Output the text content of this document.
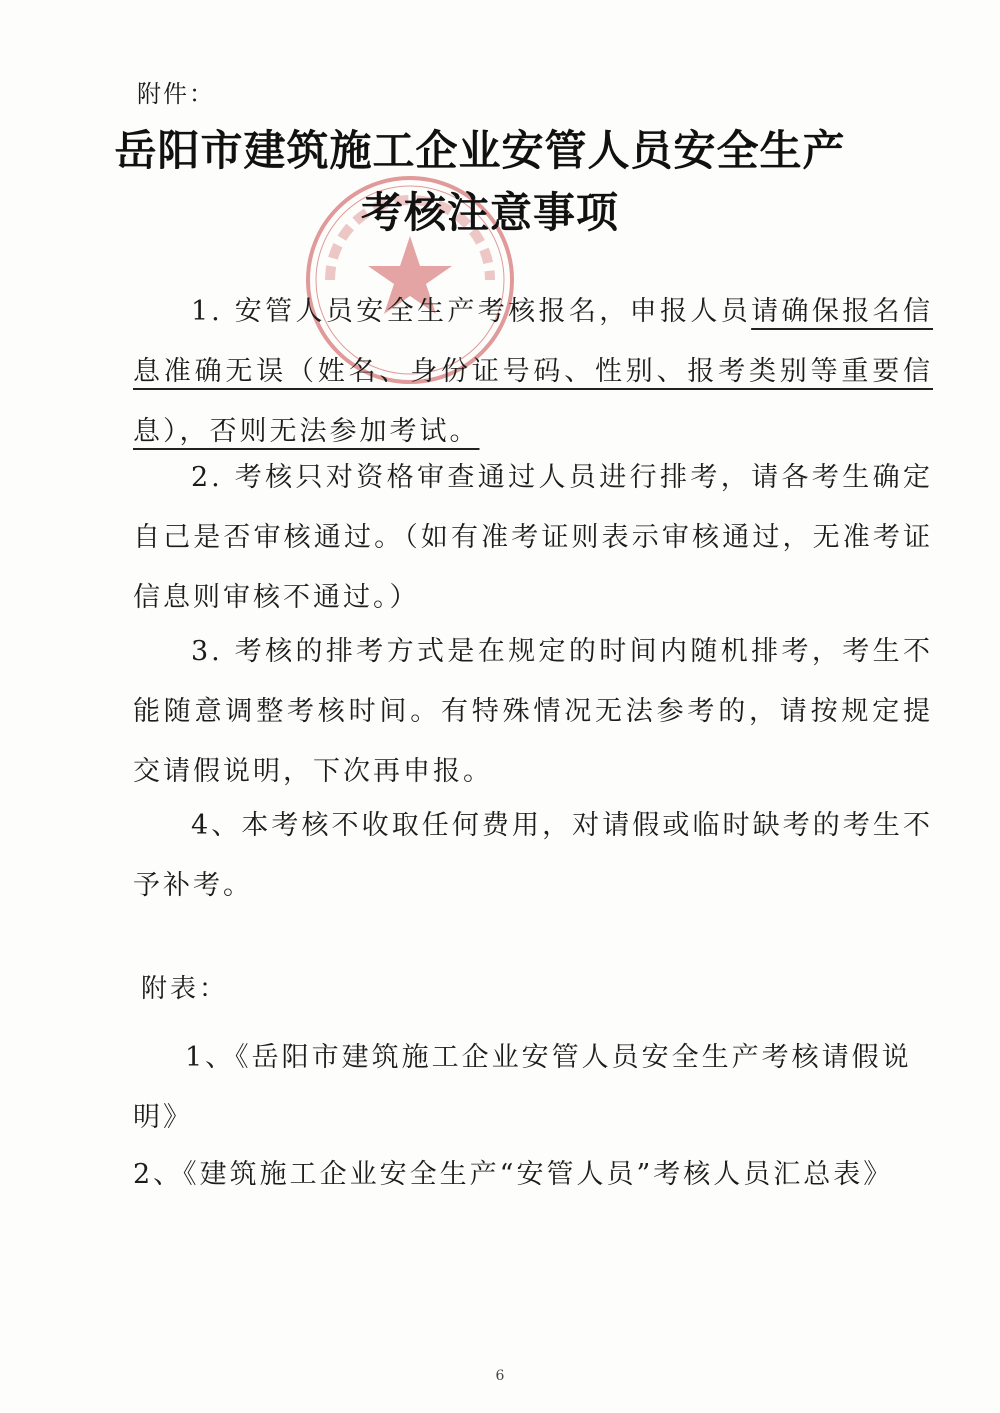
附件：
岳阳市建筑施工企业安管人员安全生产
考核注意事项
1. 安管人员安全生产考核报名，申报人员请确保报名信息准确无误（姓名、身份证号码、性别、报考类别等重要信息），否则无法参加考试。
2. 考核只对资格审查通过人员进行排考，请各考生确定自己是否审核通过。（如有准考证则表示审核通过，无准考证信息则审核不通过。）
3. 考核的排考方式是在规定的时间内随机排考，考生不能随意调整考核时间。有特殊情况无法参考的，请按规定提交请假说明，下次再申报。
4、本考核不收取任何费用，对请假或临时缺考的考生不予补考。
附表：
1、《岳阳市建筑施工企业安管人员安全生产考核请假说明》
2、《建筑施工企业安全生产“安管人员”考核人员汇总表》
6
